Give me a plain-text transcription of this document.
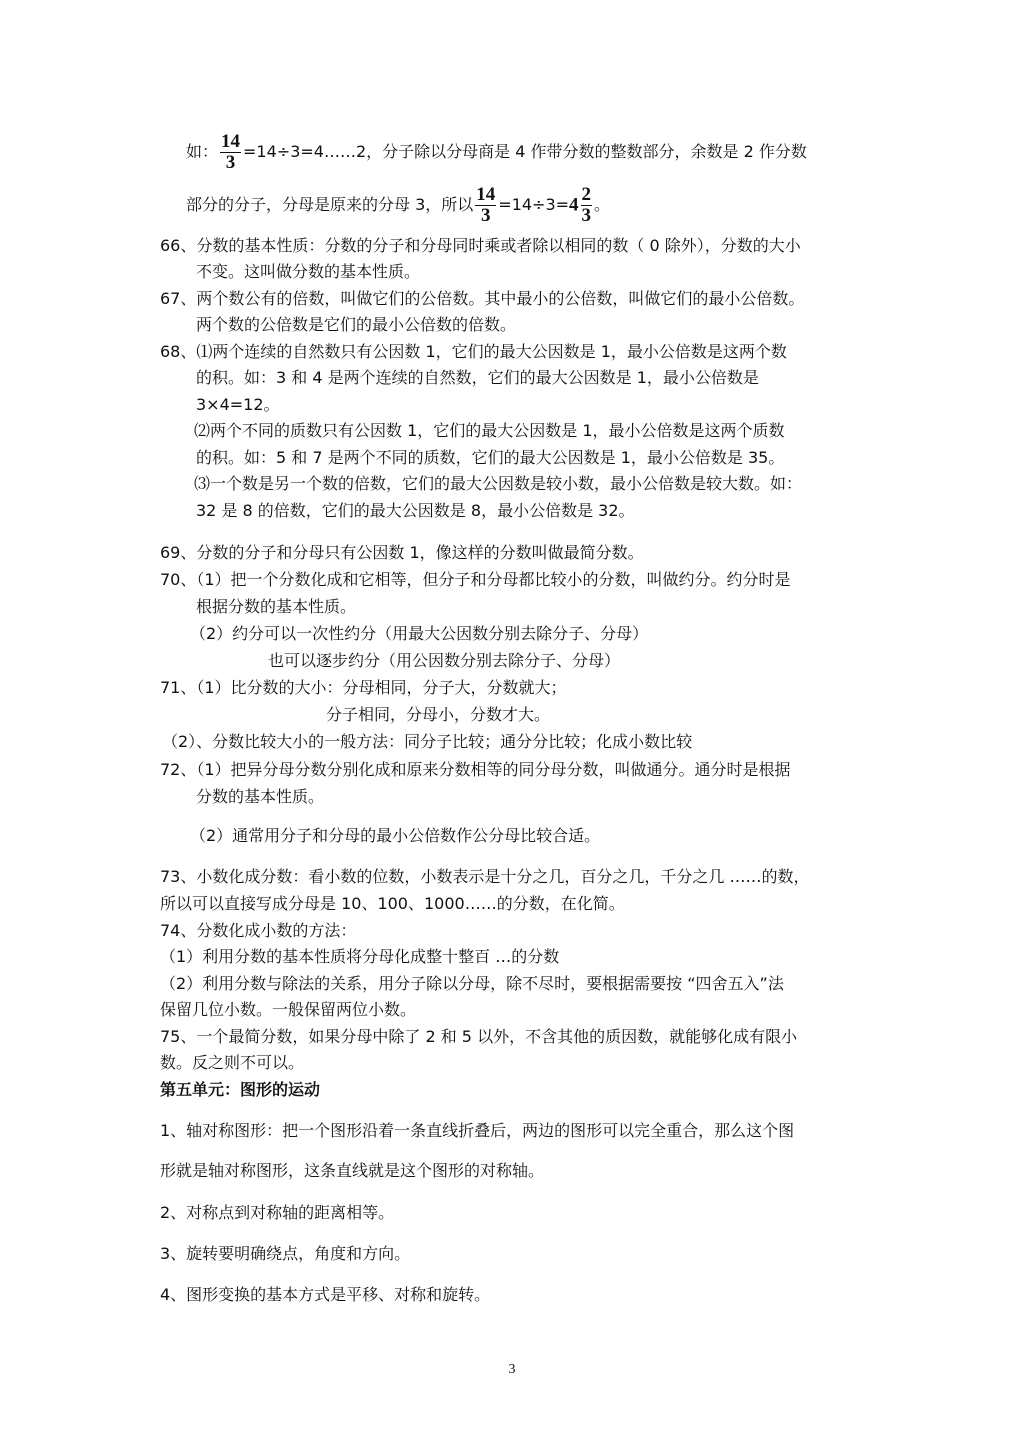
如： $\frac{14}{3}$ =14÷3=4……2，分子除以分母商是 4 作带分数的整数部分，余数是 2 作分数
部分的分子，分母是原来的分母 3，所以 $\frac{14}{3} =14\div 3=4 \frac{2}{3}$ 。
66、分数的基本性质：分数的分子和分母同时乘或者除以相同的数（ 0 除外），分数的大小
不变。这叫做分数的基本性质。
67、两个数公有的倍数，叫做它们的公倍数。其中最小的公倍数，叫做它们的最小公倍数。
两个数的公倍数是它们的最小公倍数的倍数。
68、⑴两个连续的自然数只有公因数 1，它们的最大公因数是 1，最小公倍数是这两个数
的积。如：3 和 4 是两个连续的自然数，它们的最大公因数是 1，最小公倍数是
3×4=12。
⑵两个不同的质数只有公因数 1，它们的最大公因数是 1，最小公倍数是这两个质数
的积。如：5 和 7 是两个不同的质数，它们的最大公因数是 1，最小公倍数是 35。
⑶一个数是另一个数的倍数，它们的最大公因数是较小数，最小公倍数是较大数。如：
32 是 8 的倍数，它们的最大公因数是 8，最小公倍数是 32。
69、分数的分子和分母只有公因数 1，像这样的分数叫做最简分数。
70、（1）把一个分数化成和它相等，但分子和分母都比较小的分数，叫做约分。约分时是
根据分数的基本性质。
（2）约分可以一次性约分（用最大公因数分别去除分子、分母）
也可以逐步约分（用公因数分别去除分子、分母）
71、（1）比分数的大小：分母相同，分子大，分数就大；
分子相同，分母小，分数才大。
（2）、分数比较大小的一般方法：同分子比较；通分分比较；化成小数比较
72、（1）把异分母分数分别化成和原来分数相等的同分母分数，叫做通分。通分时是根据
分数的基本性质。
（2）通常用分子和分母的最小公倍数作公分母比较合适。
73、小数化成分数：看小数的位数，小数表示是十分之几，百分之几，千分之几 ……的数，
所以可以直接写成分母是 10、100、1000……的分数，在化简。
74、分数化成小数的方法：
（1）利用分数的基本性质将分母化成整十整百 …的分数
（2）利用分数与除法的关系，用分子除以分母，除不尽时，要根据需要按 “四舍五入”法
保留几位小数。一般保留两位小数。
75、一个最简分数，如果分母中除了 2 和 5 以外，不含其他的质因数，就能够化成有限小
数。反之则不可以。
第五单元：图形的运动
1、轴对称图形：把一个图形沿着一条直线折叠后，两边的图形可以完全重合，那么这个图
形就是轴对称图形，这条直线就是这个图形的对称轴。
2、对称点到对称轴的距离相等。
3、旋转要明确绕点，角度和方向。
4、图形变换的基本方式是平移、对称和旋转。
3
